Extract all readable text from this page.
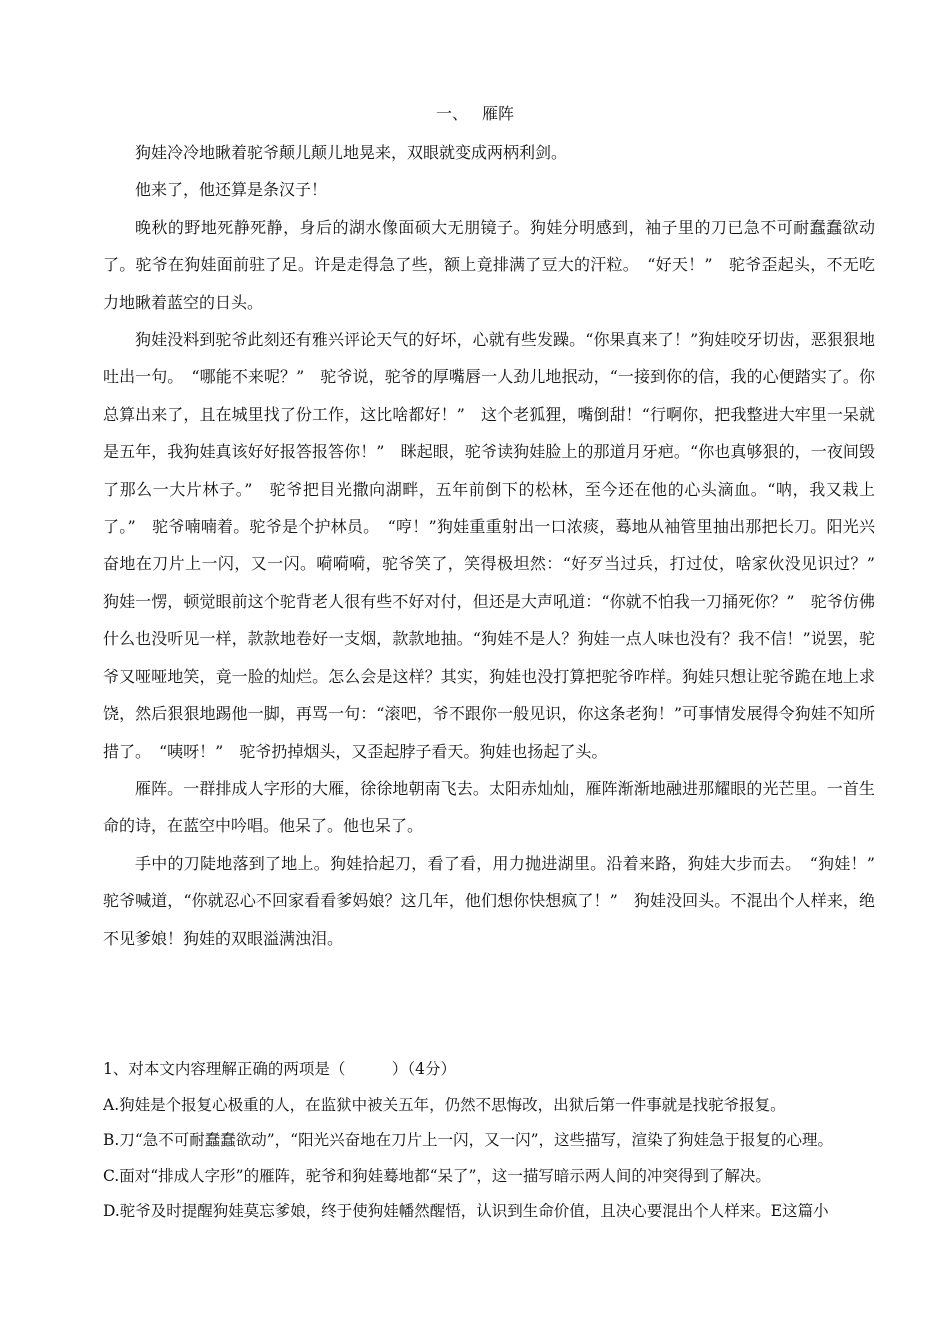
一、 雁阵

狗娃冷冷地瞅着驼爷颠儿颠儿地晃来，双眼就变成两柄利剑。

他来了，他还算是条汉子！

晚秋的野地死静死静，身后的湖水像面硕大无朋镜子。狗娃分明感到，袖子里的刀已急不可耐蠢蠢欲动了。驼爷在狗娃面前驻了足。许是走得急了些，额上竟排满了豆大的汗粒。　“好天！”　驼爷歪起头，不无吃力地瞅着蓝空的日头。

狗娃没料到驼爷此刻还有雅兴评论天气的好坏，心就有些发躁。“你果真来了！”狗娃咬牙切齿，恶狠狠地吐出一句。　“哪能不来呢？”　驼爷说，驼爷的厚嘴唇一人劲儿地抿动，“一接到你的信，我的心便踏实了。你总算出来了，且在城里找了份工作，这比啥都好！”　这个老狐狸，嘴倒甜！“行啊你，把我整进大牢里一呆就是五年，我狗娃真该好好报答报答你！”　眯起眼，驼爷读狗娃脸上的那道月牙疤。“你也真够狠的，一夜间毁了那么一大片林子。”　驼爷把目光撒向湖畔，五年前倒下的松林，至今还在他的心头滴血。“呐，我又栽上了。”　驼爷喃喃着。驼爷是个护林员。　“哼！”狗娃重重射出一口浓痰，蓦地从袖管里抽出那把长刀。阳光兴奋地在刀片上一闪，又一闪。嗬嗬嗬，驼爷笑了，笑得极坦然：“好歹当过兵，打过仗，啥家伙没见识过？”　狗娃一愣，顿觉眼前这个驼背老人很有些不好对付，但还是大声吼道：“你就不怕我一刀捅死你？”　驼爷仿佛什么也没听见一样，款款地卷好一支烟，款款地抽。“狗娃不是人？狗娃一点人味也没有？我不信！”说罢，驼爷又哑哑地笑，竟一脸的灿烂。怎么会是这样？其实，狗娃也没打算把驼爷咋样。狗娃只想让驼爷跪在地上求饶，然后狠狠地踢他一脚，再骂一句：“滚吧，爷不跟你一般见识，你这条老狗！”可事情发展得令狗娃不知所措了。　“咦呀！”　驼爷扔掉烟头，又歪起脖子看天。狗娃也扬起了头。

雁阵。一群排成人字形的大雁，徐徐地朝南飞去。太阳赤灿灿，雁阵渐渐地融进那耀眼的光芒里。一首生命的诗，在蓝空中吟唱。他呆了。他也呆了。

手中的刀陡地落到了地上。狗娃拾起刀，看了看，用力抛进湖里。沿着来路，狗娃大步而去。　“狗娃！”　驼爷喊道，“你就忍心不回家看看爹妈娘？这几年，他们想你快想疯了！”　狗娃没回头。不混出个人样来，绝不见爹娘！狗娃的双眼溢满浊泪。

1、对本文内容理解正确的两项是（　　　）（4分）

A.狗娃是个报复心极重的人，在监狱中被关五年，仍然不思悔改，出狱后第一件事就是找驼爷报复。

B.刀“急不可耐蠢蠢欲动”，“阳光兴奋地在刀片上一闪，又一闪”，这些描写，渲染了狗娃急于报复的心理。

C.面对“排成人字形”的雁阵，驼爷和狗娃蓦地都“呆了”，这一描写暗示两人间的冲突得到了解决。

D.驼爷及时提醒狗娃莫忘爹娘，终于使狗娃幡然醒悟，认识到生命价值，且决心要混出个人样来。E这篇小
